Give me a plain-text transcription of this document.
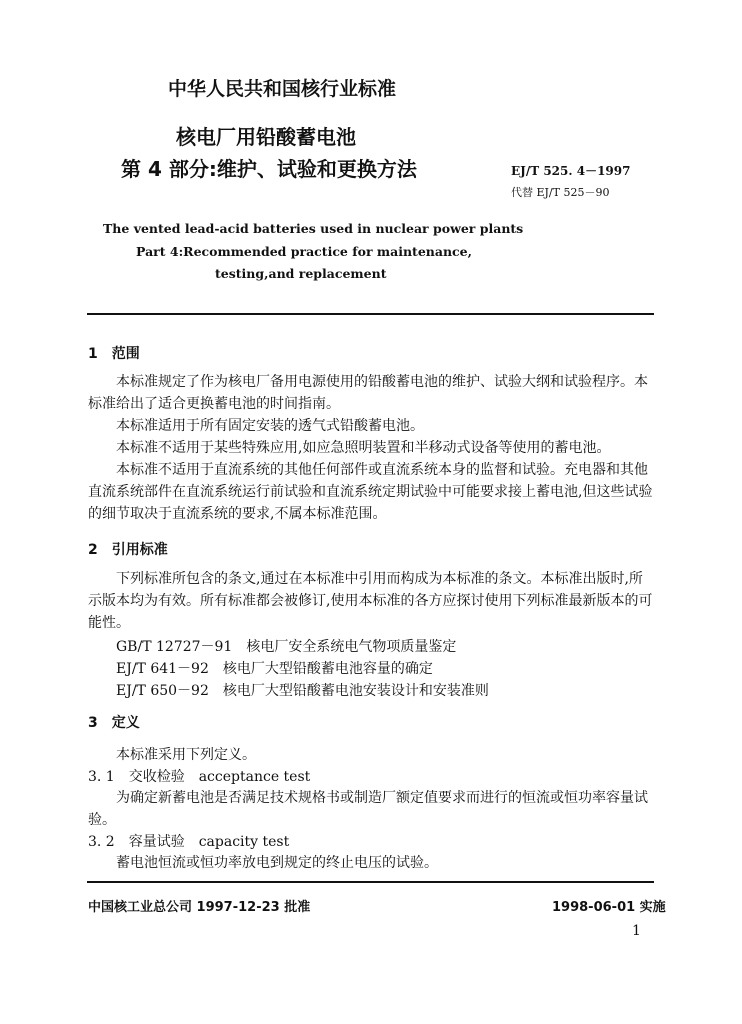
中华人民共和国核行业标准
核电厂用铅酸蓄电池
第 4 部分:维护、试验和更换方法	EJ/T 525. 4－1997
代替 EJ/T 525－90
The vented lead-acid batteries used in nuclear power plants
Part 4:Recommended practice for maintenance,
testing,and replacement
1　范围
本标准规定了作为核电厂备用电源使用的铅酸蓄电池的维护、试验大纲和试验程序。本标准给出了适合更换蓄电池的时间指南。
本标准适用于所有固定安装的透气式铅酸蓄电池。
本标准不适用于某些特殊应用,如应急照明装置和半移动式设备等使用的蓄电池。
本标准不适用于直流系统的其他任何部件或直流系统本身的监督和试验。充电器和其他直流系统部件在直流系统运行前试验和直流系统定期试验中可能要求接上蓄电池,但这些试验的细节取决于直流系统的要求,不属本标准范围。
2　引用标准
下列标准所包含的条文,通过在本标准中引用而构成为本标准的条文。本标准出版时,所示版本均为有效。所有标准都会被修订,使用本标准的各方应探讨使用下列标准最新版本的可能性。
GB/T 12727－91　核电厂安全系统电气物项质量鉴定
EJ/T 641－92　核电厂大型铅酸蓄电池容量的确定
EJ/T 650－92　核电厂大型铅酸蓄电池安装设计和安装准则
3　定义
本标准采用下列定义。
3. 1　交收检验　acceptance test
为确定新蓄电池是否满足技术规格书或制造厂额定值要求而进行的恒流或恒功率容量试验。
3. 2　容量试验　capacity test
蓄电池恒流或恒功率放电到规定的终止电压的试验。
中国核工业总公司 1997-12-23 批准	1998-06-01 实施
1
